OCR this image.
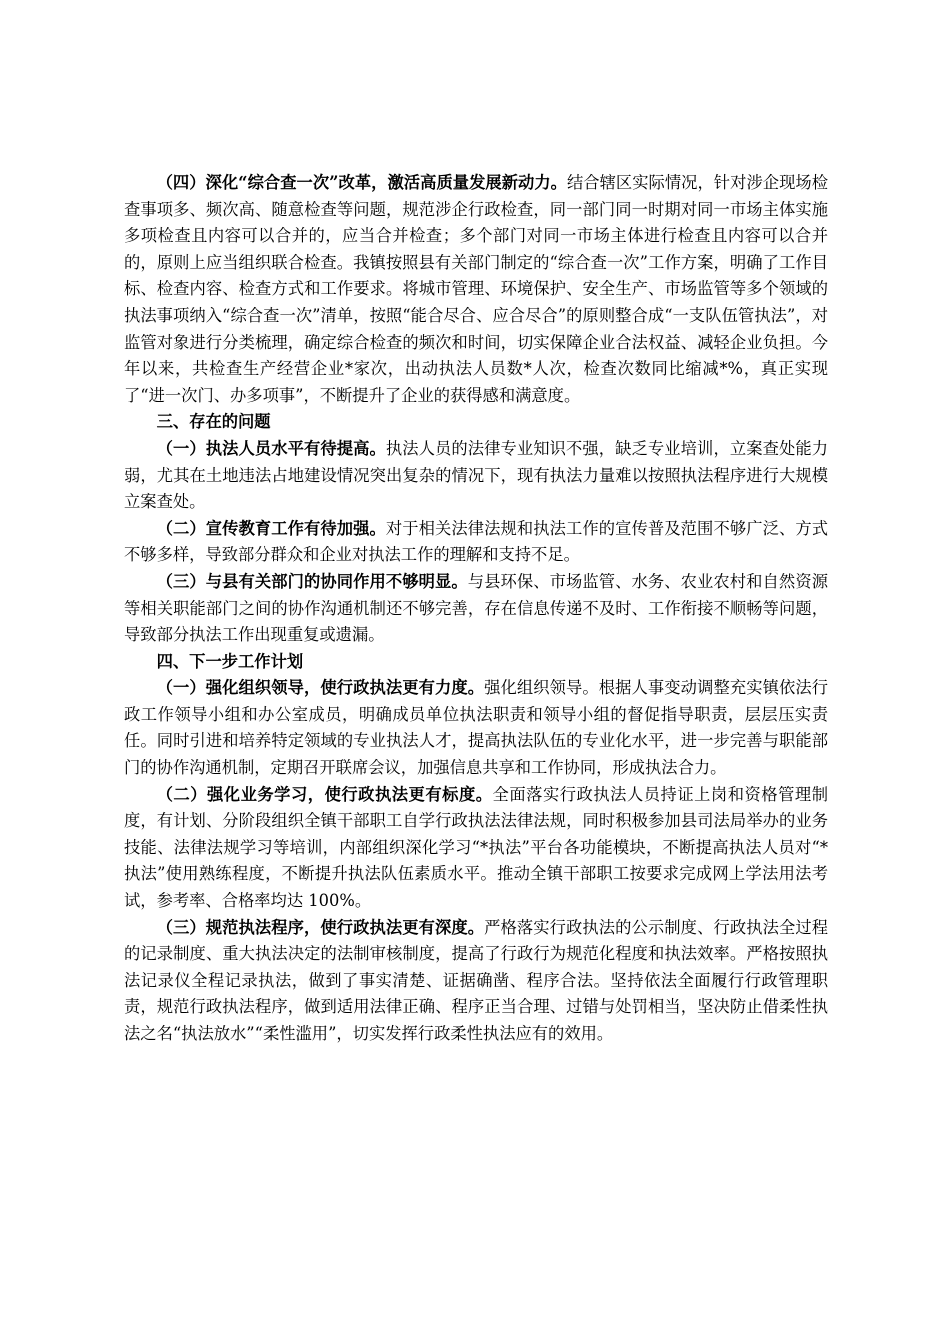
（四）深化“综合查一次”改革，激活高质量发展新动力。结合辖区实际情况，针对涉企现场检查事项多、频次高、随意检查等问题，规范涉企行政检查，同一部门同一时期对同一市场主体实施多项检查且内容可以合并的，应当合并检查；多个部门对同一市场主体进行检查且内容可以合并的，原则上应当组织联合检查。我镇按照县有关部门制定的“综合查一次”工作方案，明确了工作目标、检查内容、检查方式和工作要求。将城市管理、环境保护、安全生产、市场监管等多个领域的执法事项纳入“综合查一次”清单，按照“能合尽合、应合尽合”的原则整合成“一支队伍管执法”，对监管对象进行分类梳理，确定综合检查的频次和时间，切实保障企业合法权益、减轻企业负担。今年以来，共检查生产经营企业*家次，出动执法人员数*人次，检查次数同比缩减*%，真正实现了“进一次门、办多项事”，不断提升了企业的获得感和满意度。

三、存在的问题

（一）执法人员水平有待提高。执法人员的法律专业知识不强，缺乏专业培训，立案查处能力弱，尤其在土地违法占地建设情况突出复杂的情况下，现有执法力量难以按照执法程序进行大规模立案查处。

（二）宣传教育工作有待加强。对于相关法律法规和执法工作的宣传普及范围不够广泛、方式不够多样，导致部分群众和企业对执法工作的理解和支持不足。

（三）与县有关部门的协同作用不够明显。与县环保、市场监管、水务、农业农村和自然资源等相关职能部门之间的协作沟通机制还不够完善，存在信息传递不及时、工作衔接不顺畅等问题，导致部分执法工作出现重复或遗漏。

四、下一步工作计划

（一）强化组织领导，使行政执法更有力度。强化组织领导。根据人事变动调整充实镇依法行政工作领导小组和办公室成员，明确成员单位执法职责和领导小组的督促指导职责，层层压实责任。同时引进和培养特定领域的专业执法人才，提高执法队伍的专业化水平，进一步完善与职能部门的协作沟通机制，定期召开联席会议，加强信息共享和工作协同，形成执法合力。

（二）强化业务学习，使行政执法更有标度。全面落实行政执法人员持证上岗和资格管理制度，有计划、分阶段组织全镇干部职工自学行政执法法律法规，同时积极参加县司法局举办的业务技能、法律法规学习等培训，内部组织深化学习“*执法”平台各功能模块，不断提高执法人员对“*执法”使用熟练程度，不断提升执法队伍素质水平。推动全镇干部职工按要求完成网上学法用法考试，参考率、合格率均达 100%。

（三）规范执法程序，使行政执法更有深度。严格落实行政执法的公示制度、行政执法全过程的记录制度、重大执法决定的法制审核制度，提高了行政行为规范化程度和执法效率。严格按照执法记录仪全程记录执法，做到了事实清楚、证据确凿、程序合法。坚持依法全面履行行政管理职责，规范行政执法程序，做到适用法律正确、程序正当合理、过错与处罚相当，坚决防止借柔性执法之名“执法放水”“柔性滥用”，切实发挥行政柔性执法应有的效用。
